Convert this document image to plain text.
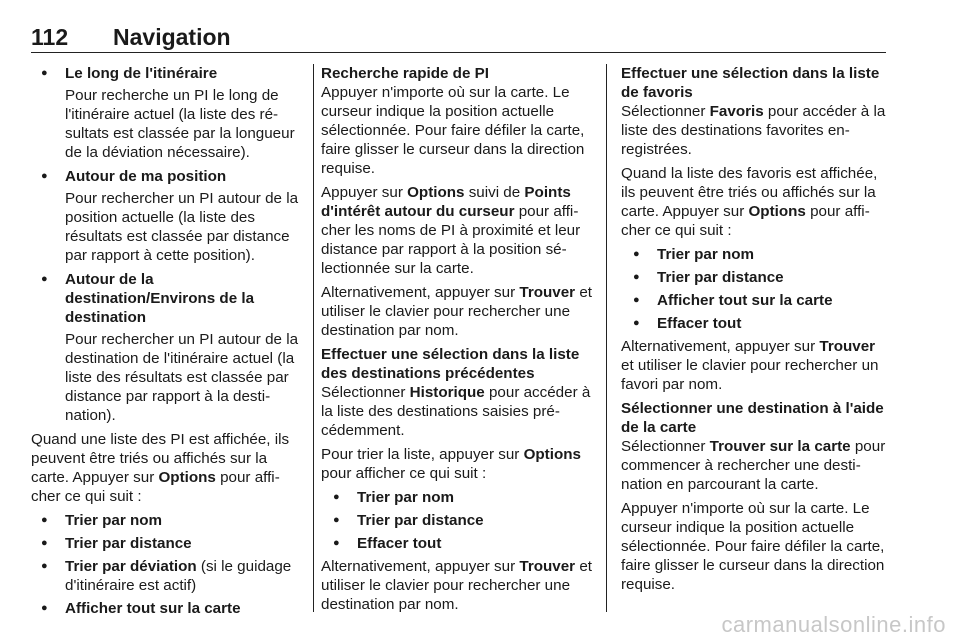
112 Navigation
● Le long de l'itinéraire
Pour recherche un PI le long de l'itinéraire actuel (la liste des résultats est classée par la longueur de la déviation nécessaire).
● Autour de ma position
Pour rechercher un PI autour de la position actuelle (la liste des résultats est classée par distance par rapport à cette position).
● Autour de la destination/Environs de la destination
Pour rechercher un PI autour de la destination de l'itinéraire actuel (la liste des résultats est classée par distance par rapport à la destination).

Quand une liste des PI est affichée, ils peuvent être triés ou affichés sur la carte. Appuyer sur Options pour afficher ce qui suit :

● Trier par nom
● Trier par distance
● Trier par déviation (si le guidage d'itinéraire est actif)
● Afficher tout sur la carte
Recherche rapide de PI

Appuyer n'importe où sur la carte. Le curseur indique la position actuelle sélectionnée. Pour faire défiler la carte, faire glisser le curseur dans la direction requise.

Appuyer sur Options suivi de Points d'intérêt autour du curseur pour afficher les noms de PI à proximité et leur distance par rapport à la position sélectionnée sur la carte.

Alternativement, appuyer sur Trouver et utiliser le clavier pour rechercher une destination par nom.

Effectuer une sélection dans la liste des destinations précédentes

Sélectionner Historique pour accéder à la liste des destinations saisies précédemment.

Pour trier la liste, appuyer sur Options pour afficher ce qui suit :

● Trier par nom
● Trier par distance
● Effacer tout

Alternativement, appuyer sur Trouver et utiliser le clavier pour rechercher une destination par nom.

Effectuer une sélection dans la liste de favoris

Sélectionner Favoris pour accéder à la liste des destinations favorites enregistrées.

Quand la liste des favoris est affichée, ils peuvent être triés ou affichés sur la carte. Appuyer sur Options pour afficher ce qui suit :

● Trier par nom
● Trier par distance
● Afficher tout sur la carte
● Effacer tout

Alternativement, appuyer sur Trouver et utiliser le clavier pour rechercher un favori par nom.

Sélectionner une destination à l'aide de la carte

Sélectionner Trouver sur la carte pour commencer à rechercher une destination en parcourant la carte.

Appuyer n'importe où sur la carte. Le curseur indique la position actuelle sélectionnée. Pour faire défiler la carte, faire glisser le curseur dans la direction requise.

carmanualsonline.info
